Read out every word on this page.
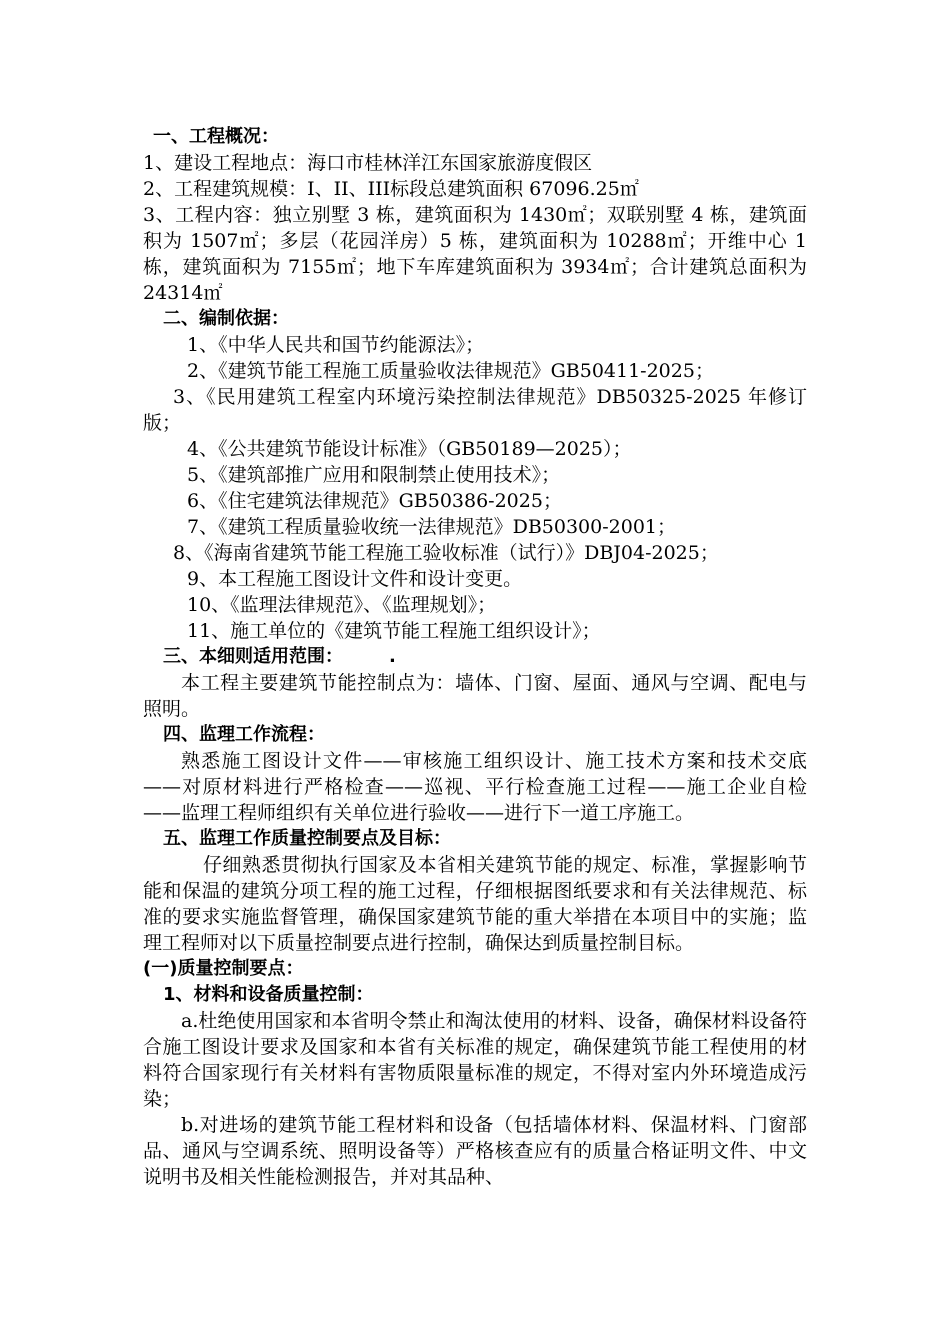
一、工程概况：
1、建设工程地点：海口市桂林洋江东国家旅游度假区
2、工程建筑规模：I、II、III标段总建筑面积 67096.25㎡
3、工程内容：独立别墅 3 栋，建筑面积为 1430㎡；双联别墅 4 栋，建筑面积为 1507㎡；多层（花园洋房）5 栋，建筑面积为 10288㎡；开维中心 1 栋，建筑面积为 7155㎡；地下车库建筑面积为 3934㎡；合计建筑总面积为 24314㎡
二、编制依据：
1、《中华人民共和国节约能源法》；
2、《建筑节能工程施工质量验收法律规范》GB50411-2025；
3、《民用建筑工程室内环境污染控制法律规范》DB50325-2025 年修订版；
4、《公共建筑节能设计标准》（GB50189—2025）；
5、《建筑部推广应用和限制禁止使用技术》；
6、《住宅建筑法律规范》GB50386-2025；
7、《建筑工程质量验收统一法律规范》DB50300-2001；
8、《海南省建筑节能工程施工验收标准（试行）》DBJ04-2025；
9、本工程施工图设计文件和设计变更。
10、《监理法律规范》、《监理规划》；
11、施工单位的《建筑节能工程施工组织设计》；
三、本细则适用范围：	.
本工程主要建筑节能控制点为：墙体、门窗、屋面、通风与空调、配电与照明。
四、监理工作流程：
熟悉施工图设计文件——审核施工组织设计、施工技术方案和技术交底——对原材料进行严格检查——巡视、平行检查施工过程——施工企业自检——监理工程师组织有关单位进行验收——进行下一道工序施工。
五、监理工作质量控制要点及目标：
仔细熟悉贯彻执行国家及本省相关建筑节能的规定、标准，掌握影响节能和保温的建筑分项工程的施工过程，仔细根据图纸要求和有关法律规范、标准的要求实施监督管理，确保国家建筑节能的重大举措在本项目中的实施；监理工程师对以下质量控制要点进行控制，确保达到质量控制目标。
(一)质量控制要点：
1、材料和设备质量控制：
a.杜绝使用国家和本省明令禁止和淘汰使用的材料、设备，确保材料设备符合施工图设计要求及国家和本省有关标准的规定，确保建筑节能工程使用的材料符合国家现行有关材料有害物质限量标准的规定，不得对室内外环境造成污染；
b.对进场的建筑节能工程材料和设备（包括墙体材料、保温材料、门窗部品、通风与空调系统、照明设备等）严格核查应有的质量合格证明文件、中文说明书及相关性能检测报告，并对其品种、
